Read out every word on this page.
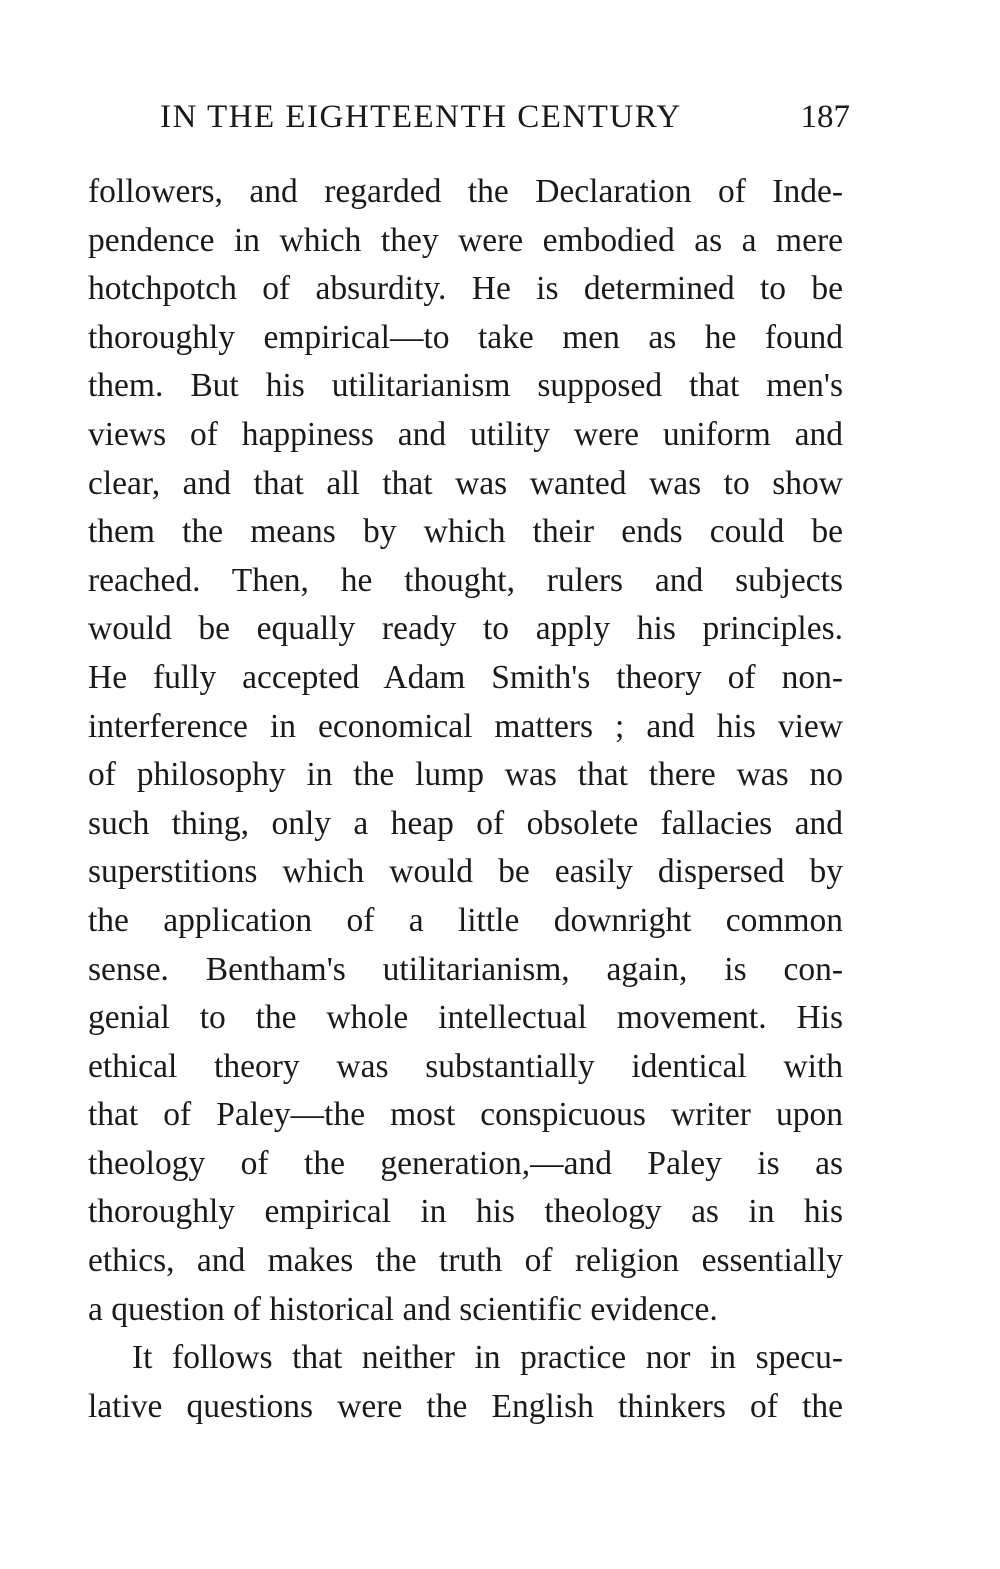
IN THE EIGHTEENTH CENTURY	187
followers, and regarded the Declaration of Inde-
pendence in which they were embodied as a mere
hotchpotch of absurdity. He is determined to be
thoroughly empirical—to take men as he found
them. But his utilitarianism supposed that men's
views of happiness and utility were uniform and
clear, and that all that was wanted was to show
them the means by which their ends could be
reached. Then, he thought, rulers and subjects
would be equally ready to apply his principles.
He fully accepted Adam Smith's theory of non-
interference in economical matters ; and his view
of philosophy in the lump was that there was no
such thing, only a heap of obsolete fallacies and
superstitions which would be easily dispersed by
the application of a little downright common
sense. Bentham's utilitarianism, again, is con-
genial to the whole intellectual movement. His
ethical theory was substantially identical with
that of Paley—the most conspicuous writer upon
theology of the generation,—and Paley is as
thoroughly empirical in his theology as in his
ethics, and makes the truth of religion essentially
a question of historical and scientific evidence.
It follows that neither in practice nor in specu-
lative questions were the English thinkers of the
